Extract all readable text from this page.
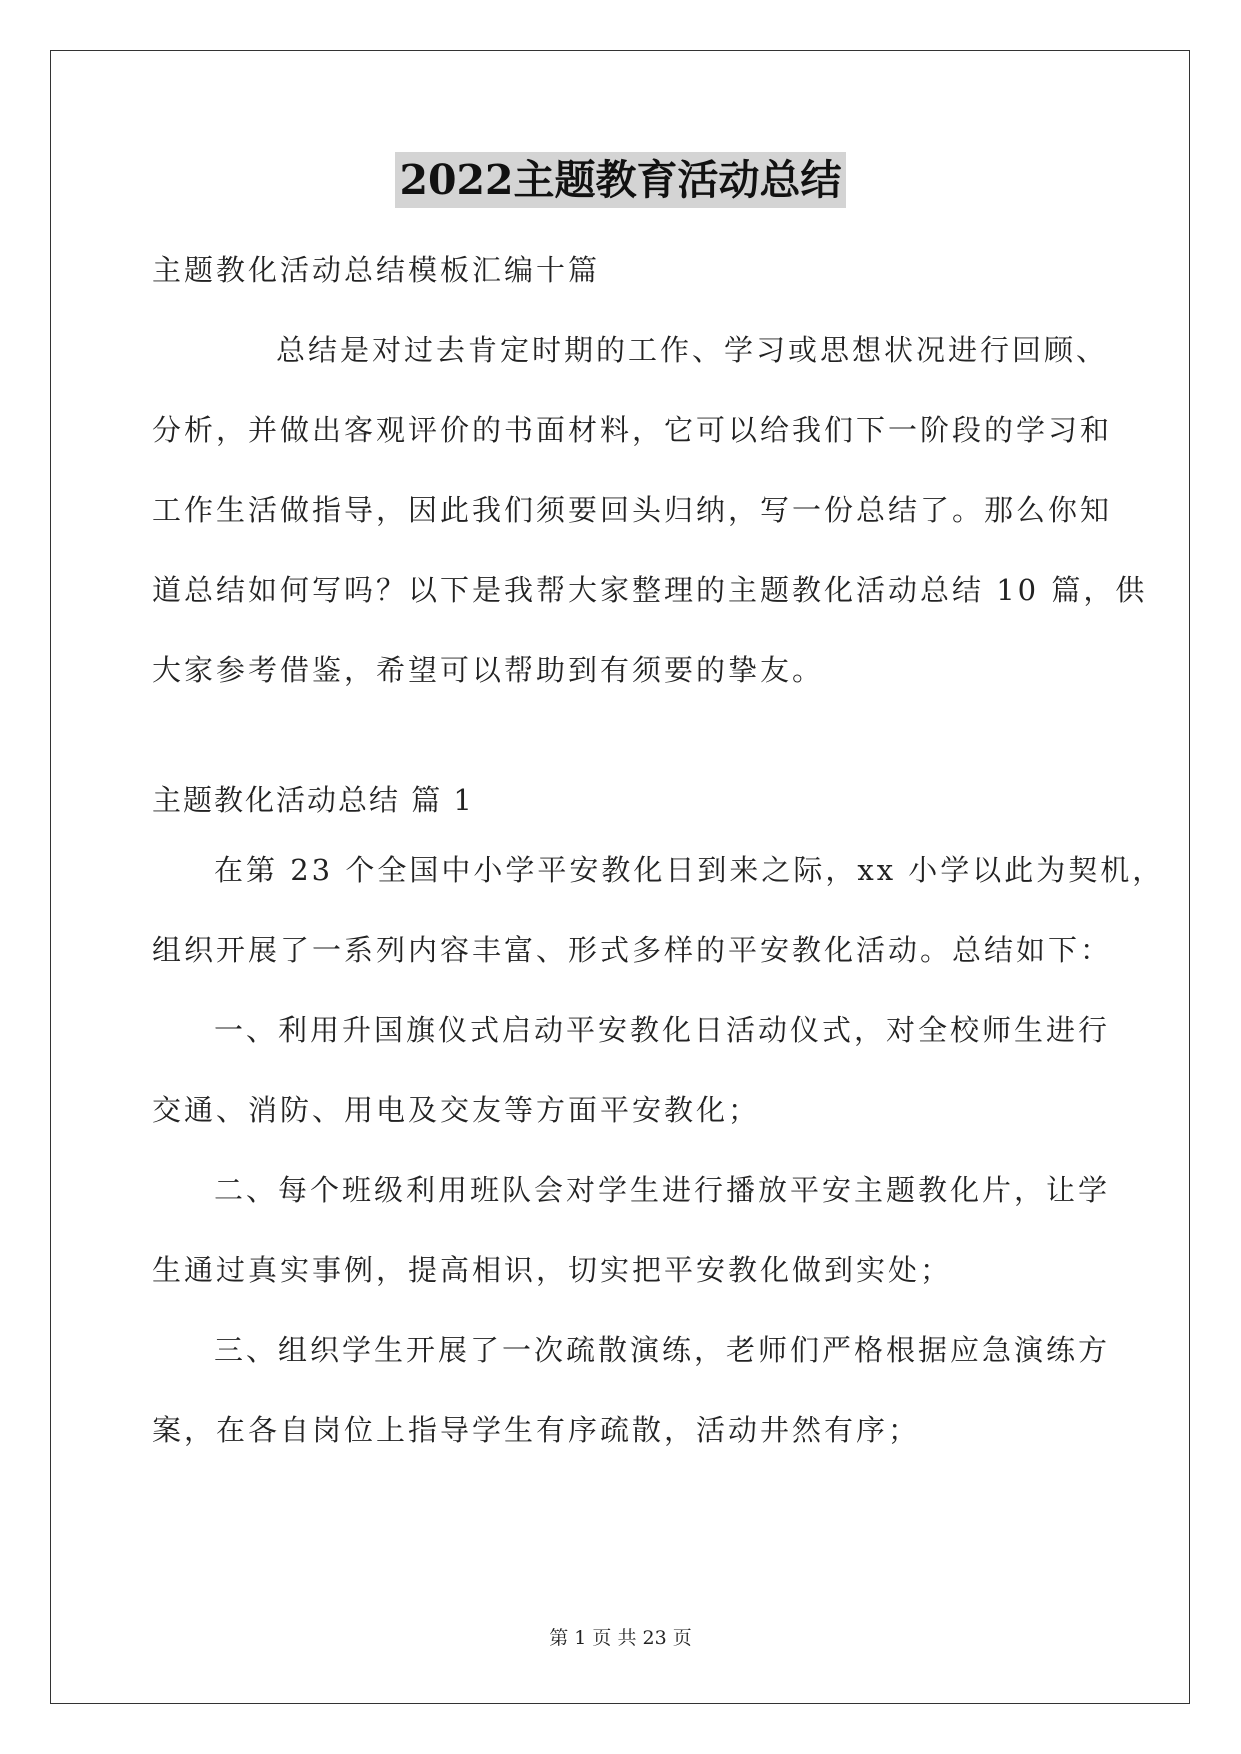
2022主题教育活动总结
主题教化活动总结模板汇编十篇
总结是对过去肯定时期的工作、学习或思想状况进行回顾、
分析，并做出客观评价的书面材料，它可以给我们下一阶段的学习和
工作生活做指导，因此我们须要回头归纳，写一份总结了。那么你知
道总结如何写吗？以下是我帮大家整理的主题教化活动总结 10 篇，供
大家参考借鉴，希望可以帮助到有须要的挚友。
主题教化活动总结 篇 1
在第 23 个全国中小学平安教化日到来之际，xx 小学以此为契机，
组织开展了一系列内容丰富、形式多样的平安教化活动。总结如下：
一、利用升国旗仪式启动平安教化日活动仪式，对全校师生进行
交通、消防、用电及交友等方面平安教化；
二、每个班级利用班队会对学生进行播放平安主题教化片，让学
生通过真实事例，提高相识，切实把平安教化做到实处；
三、组织学生开展了一次疏散演练，老师们严格根据应急演练方
案，在各自岗位上指导学生有序疏散，活动井然有序；
第 1 页 共 23 页
